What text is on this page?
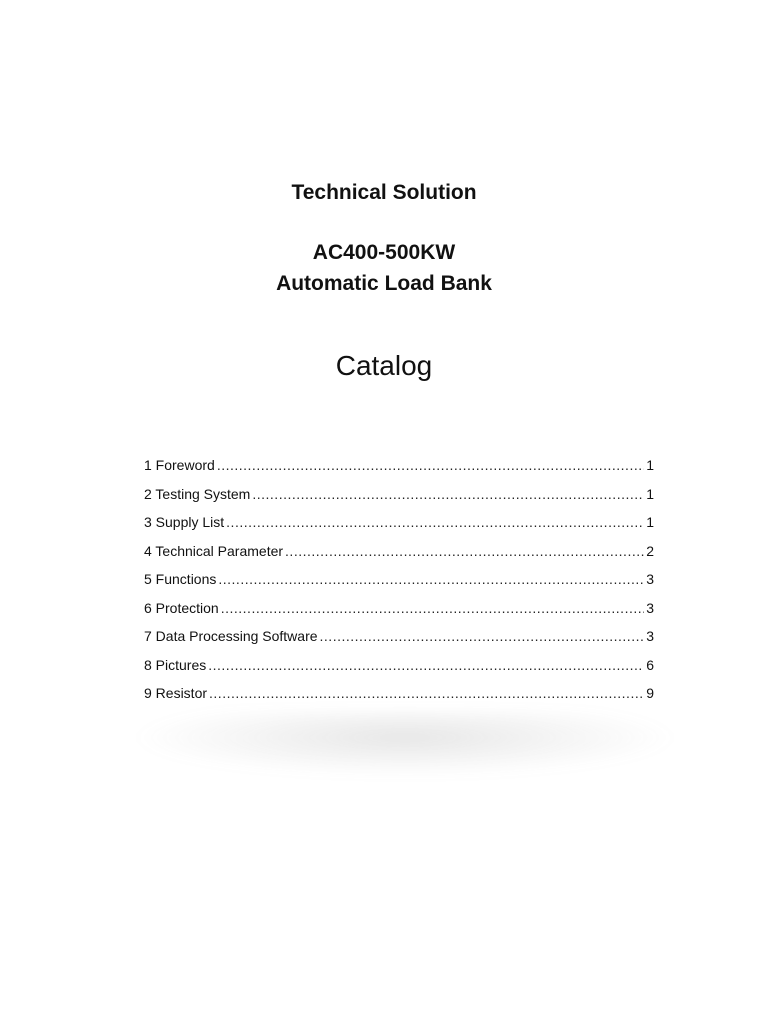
Technical Solution
AC400-500KW
Automatic Load Bank
Catalog
1 Foreword .....	1
2 Testing System .....	1
3 Supply List .....	1
4 Technical Parameter .....	2
5 Functions .....	3
6 Protection .....	3
7 Data Processing Software .....	3
8 Pictures .....	6
9 Resistor .....	9
